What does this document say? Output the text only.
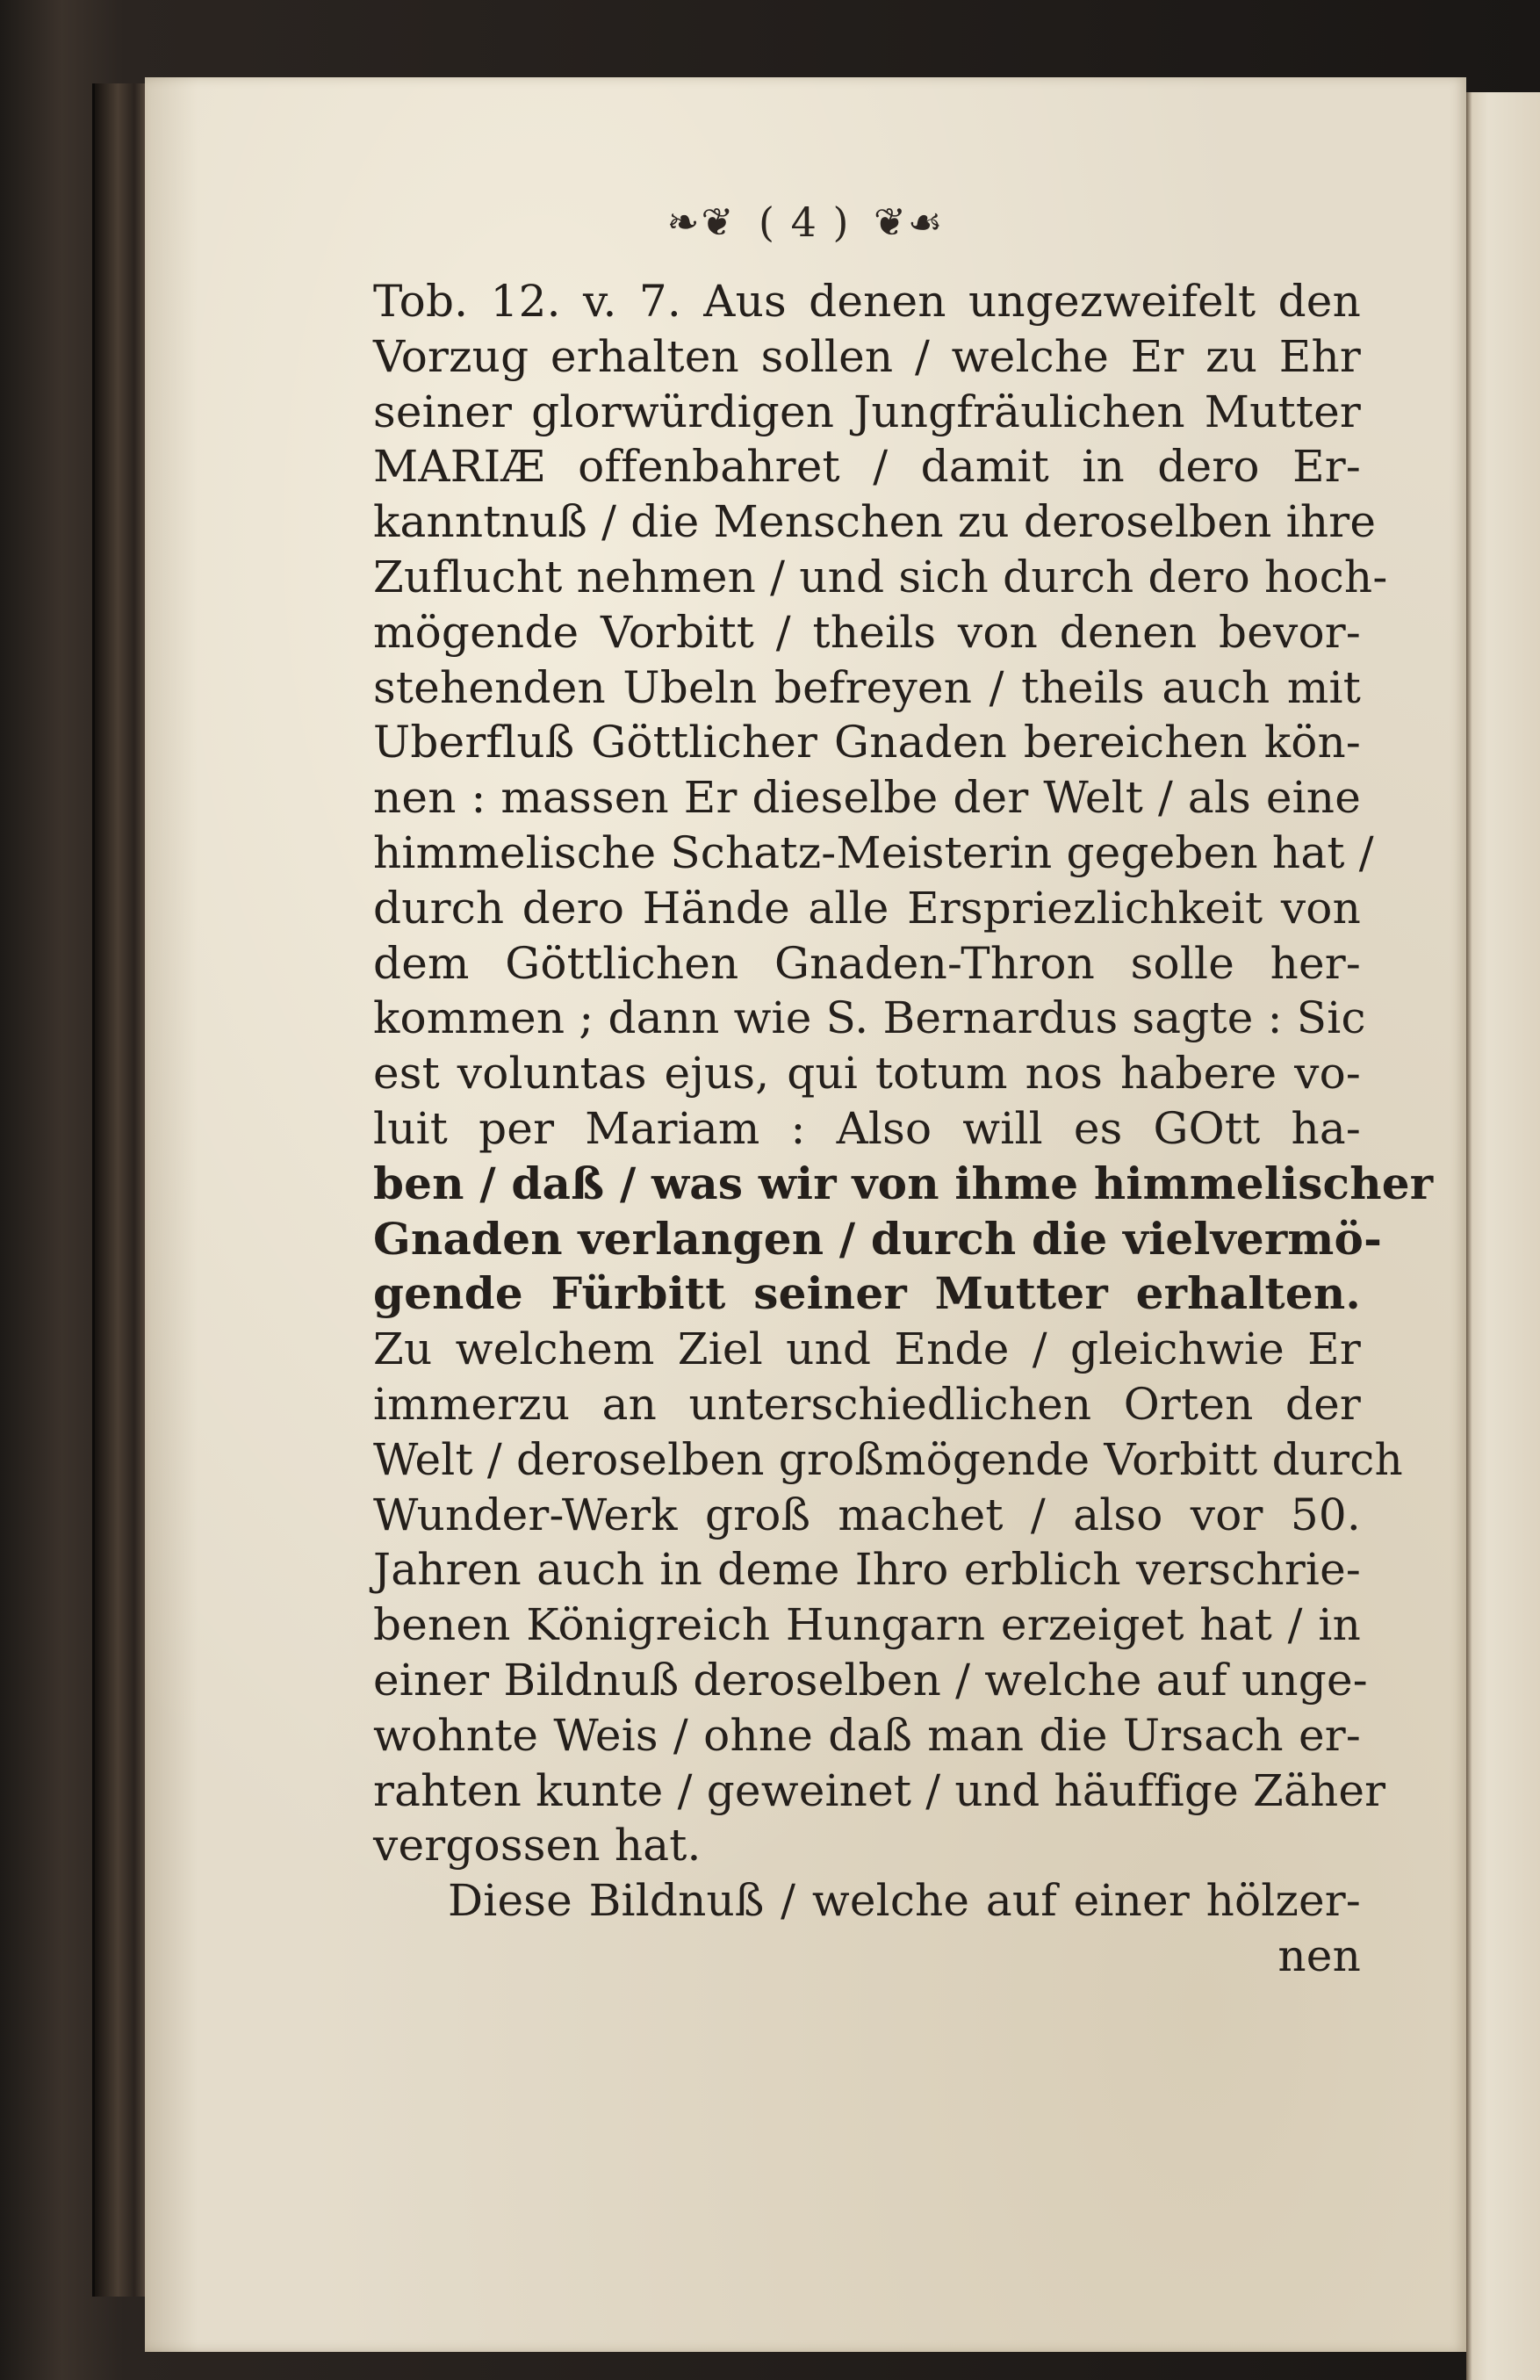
❧❦ ( 4 ) ❦☙
Tob. 12. v. 7. Aus denen ungezweifelt den
Vorzug erhalten sollen / welche Er zu Ehr
seiner glorwürdigen Jungfräulichen Mutter
MARIÆ offenbahret / damit in dero Er-
kanntnuß / die Menschen zu deroselben ihre
Zuflucht nehmen / und sich durch dero hoch-
mögende Vorbitt / theils von denen bevor-
stehenden Ubeln befreyen / theils auch mit
Uberfluß Göttlicher Gnaden bereichen kön-
nen : massen Er dieselbe der Welt / als eine
himmelische Schatz-Meisterin gegeben hat /
durch dero Hände alle Erspriezlichkeit von
dem Göttlichen Gnaden-Thron solle her-
kommen ; dann wie S. Bernardus sagte : Sic
est voluntas ejus, qui totum nos habere vo-
luit per Mariam : Also will es GOtt ha-
ben / daß / was wir von ihme himmelischer
Gnaden verlangen / durch die vielvermö-
gende Fürbitt seiner Mutter erhalten.
Zu welchem Ziel und Ende / gleichwie Er
immerzu an unterschiedlichen Orten der
Welt / deroselben großmögende Vorbitt durch
Wunder-Werk groß machet / also vor 50.
Jahren auch in deme Ihro erblich verschrie-
benen Königreich Hungarn erzeiget hat / in
einer Bildnuß deroselben / welche auf unge-
wohnte Weis / ohne daß man die Ursach er-
rahten kunte / geweinet / und häuffige Zäher
vergossen hat.
Diese Bildnuß / welche auf einer hölzer-
nen
